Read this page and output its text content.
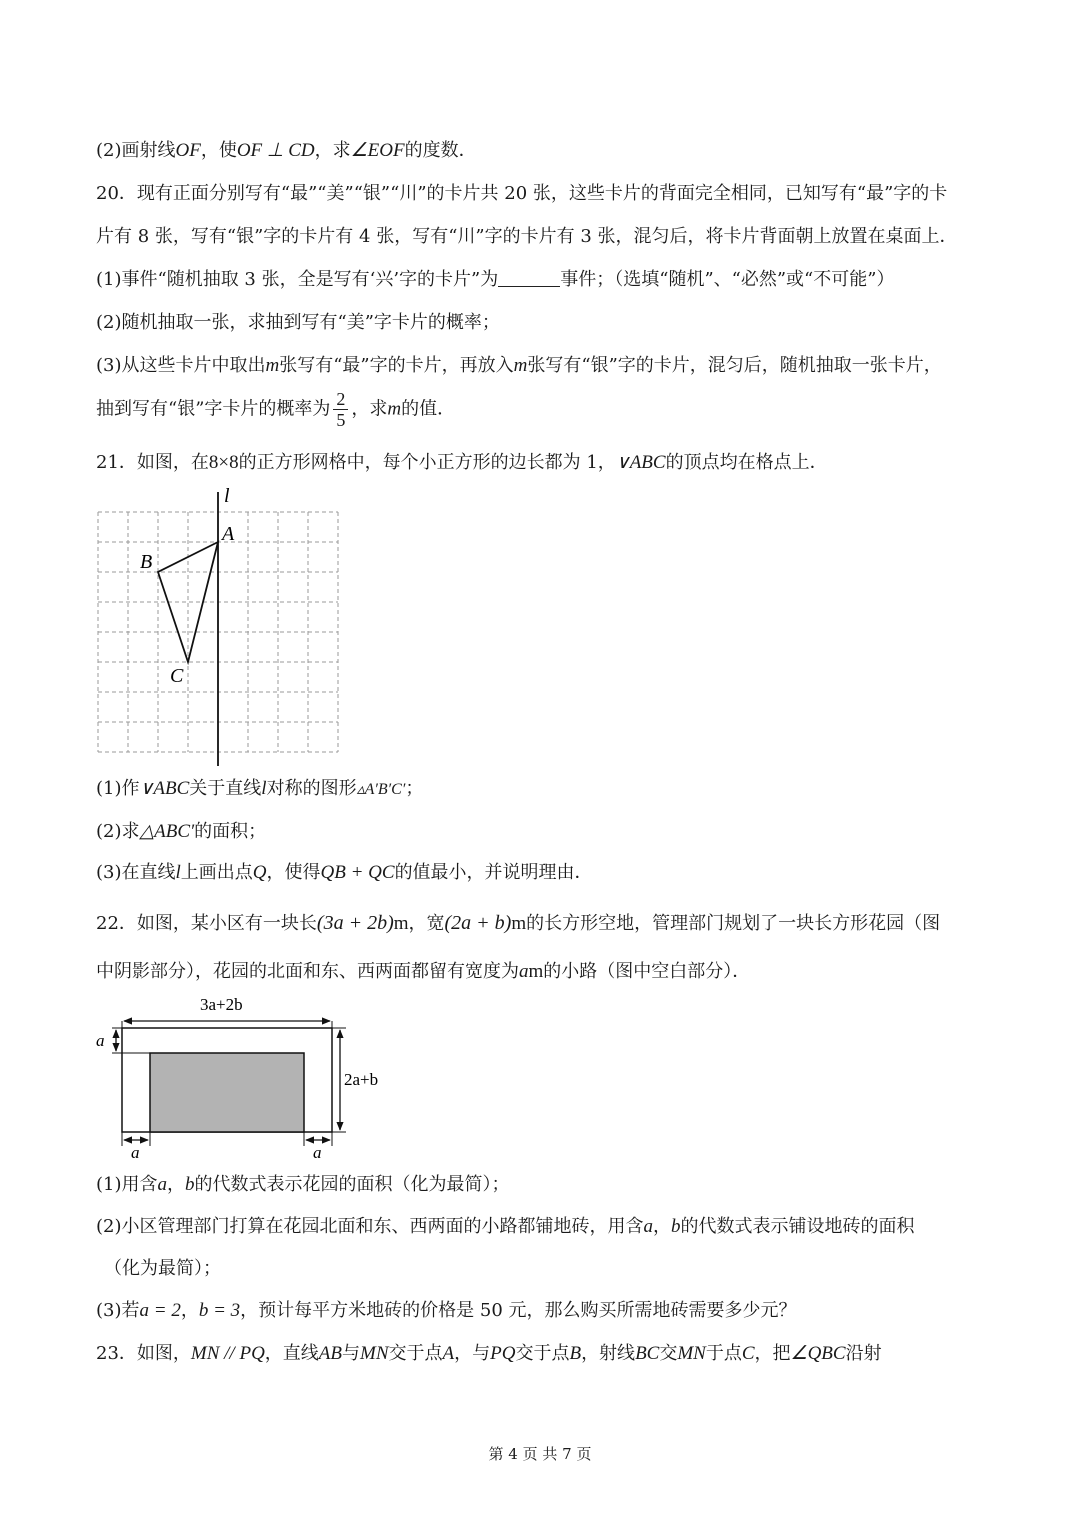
(2)画射线OF，使OF ⊥ CD，求∠EOF的度数．
20．现有正面分别写有“最”“美”“银”“川”的卡片共 20 张，这些卡片的背面完全相同，已知写有“最”字的卡
片有 8 张，写有“银”字的卡片有 4 张，写有“川”字的卡片有 3 张，混匀后，将卡片背面朝上放置在桌面上．
(1)事件“随机抽取 3 张，全是写有‘兴’字的卡片”为	事件；（选填“随机”、“必然”或“不可能”）
(2)随机抽取一张，求抽到写有“美”字卡片的概率；
(3)从这些卡片中取出m张写有“最”字的卡片，再放入m张写有“银”字的卡片，混匀后，随机抽取一张卡片，
抽到写有“银”字卡片的概率为 $\frac{2}{5}$ ，求m的值．
21．如图，在8×8的正方形网格中，每个小正方形的边长都为 1，∨ABC的顶点均在格点上．
l
A
B
C
(1)作∨ABC关于直线l对称的图形▵A′B′C′；
(2)求△ABC′的面积；
(3)在直线l上画出点Q，使得QB + QC的值最小，并说明理由．
22．如图，某小区有一块长(3a + 2b)m，宽(2a + b)m的长方形空地，管理部门规划了一块长方形花园（图
中阴影部分），花园的北面和东、西两面都留有宽度为am的小路（图中空白部分）．
3a+2b
2a+b
a
a	a
(1)用含a，b的代数式表示花园的面积（化为最简）；
(2)小区管理部门打算在花园北面和东、西两面的小路都铺地砖，用含a，b的代数式表示铺设地砖的面积
（化为最简）；
(3)若a = 2，b = 3，预计每平方米地砖的价格是 50 元，那么购买所需地砖需要多少元？
23．如图，MN // PQ，直线AB与MN交于点A，与PQ交于点B，射线BC交MN于点C，把∠QBC沿射
第 4 页 共 7 页
